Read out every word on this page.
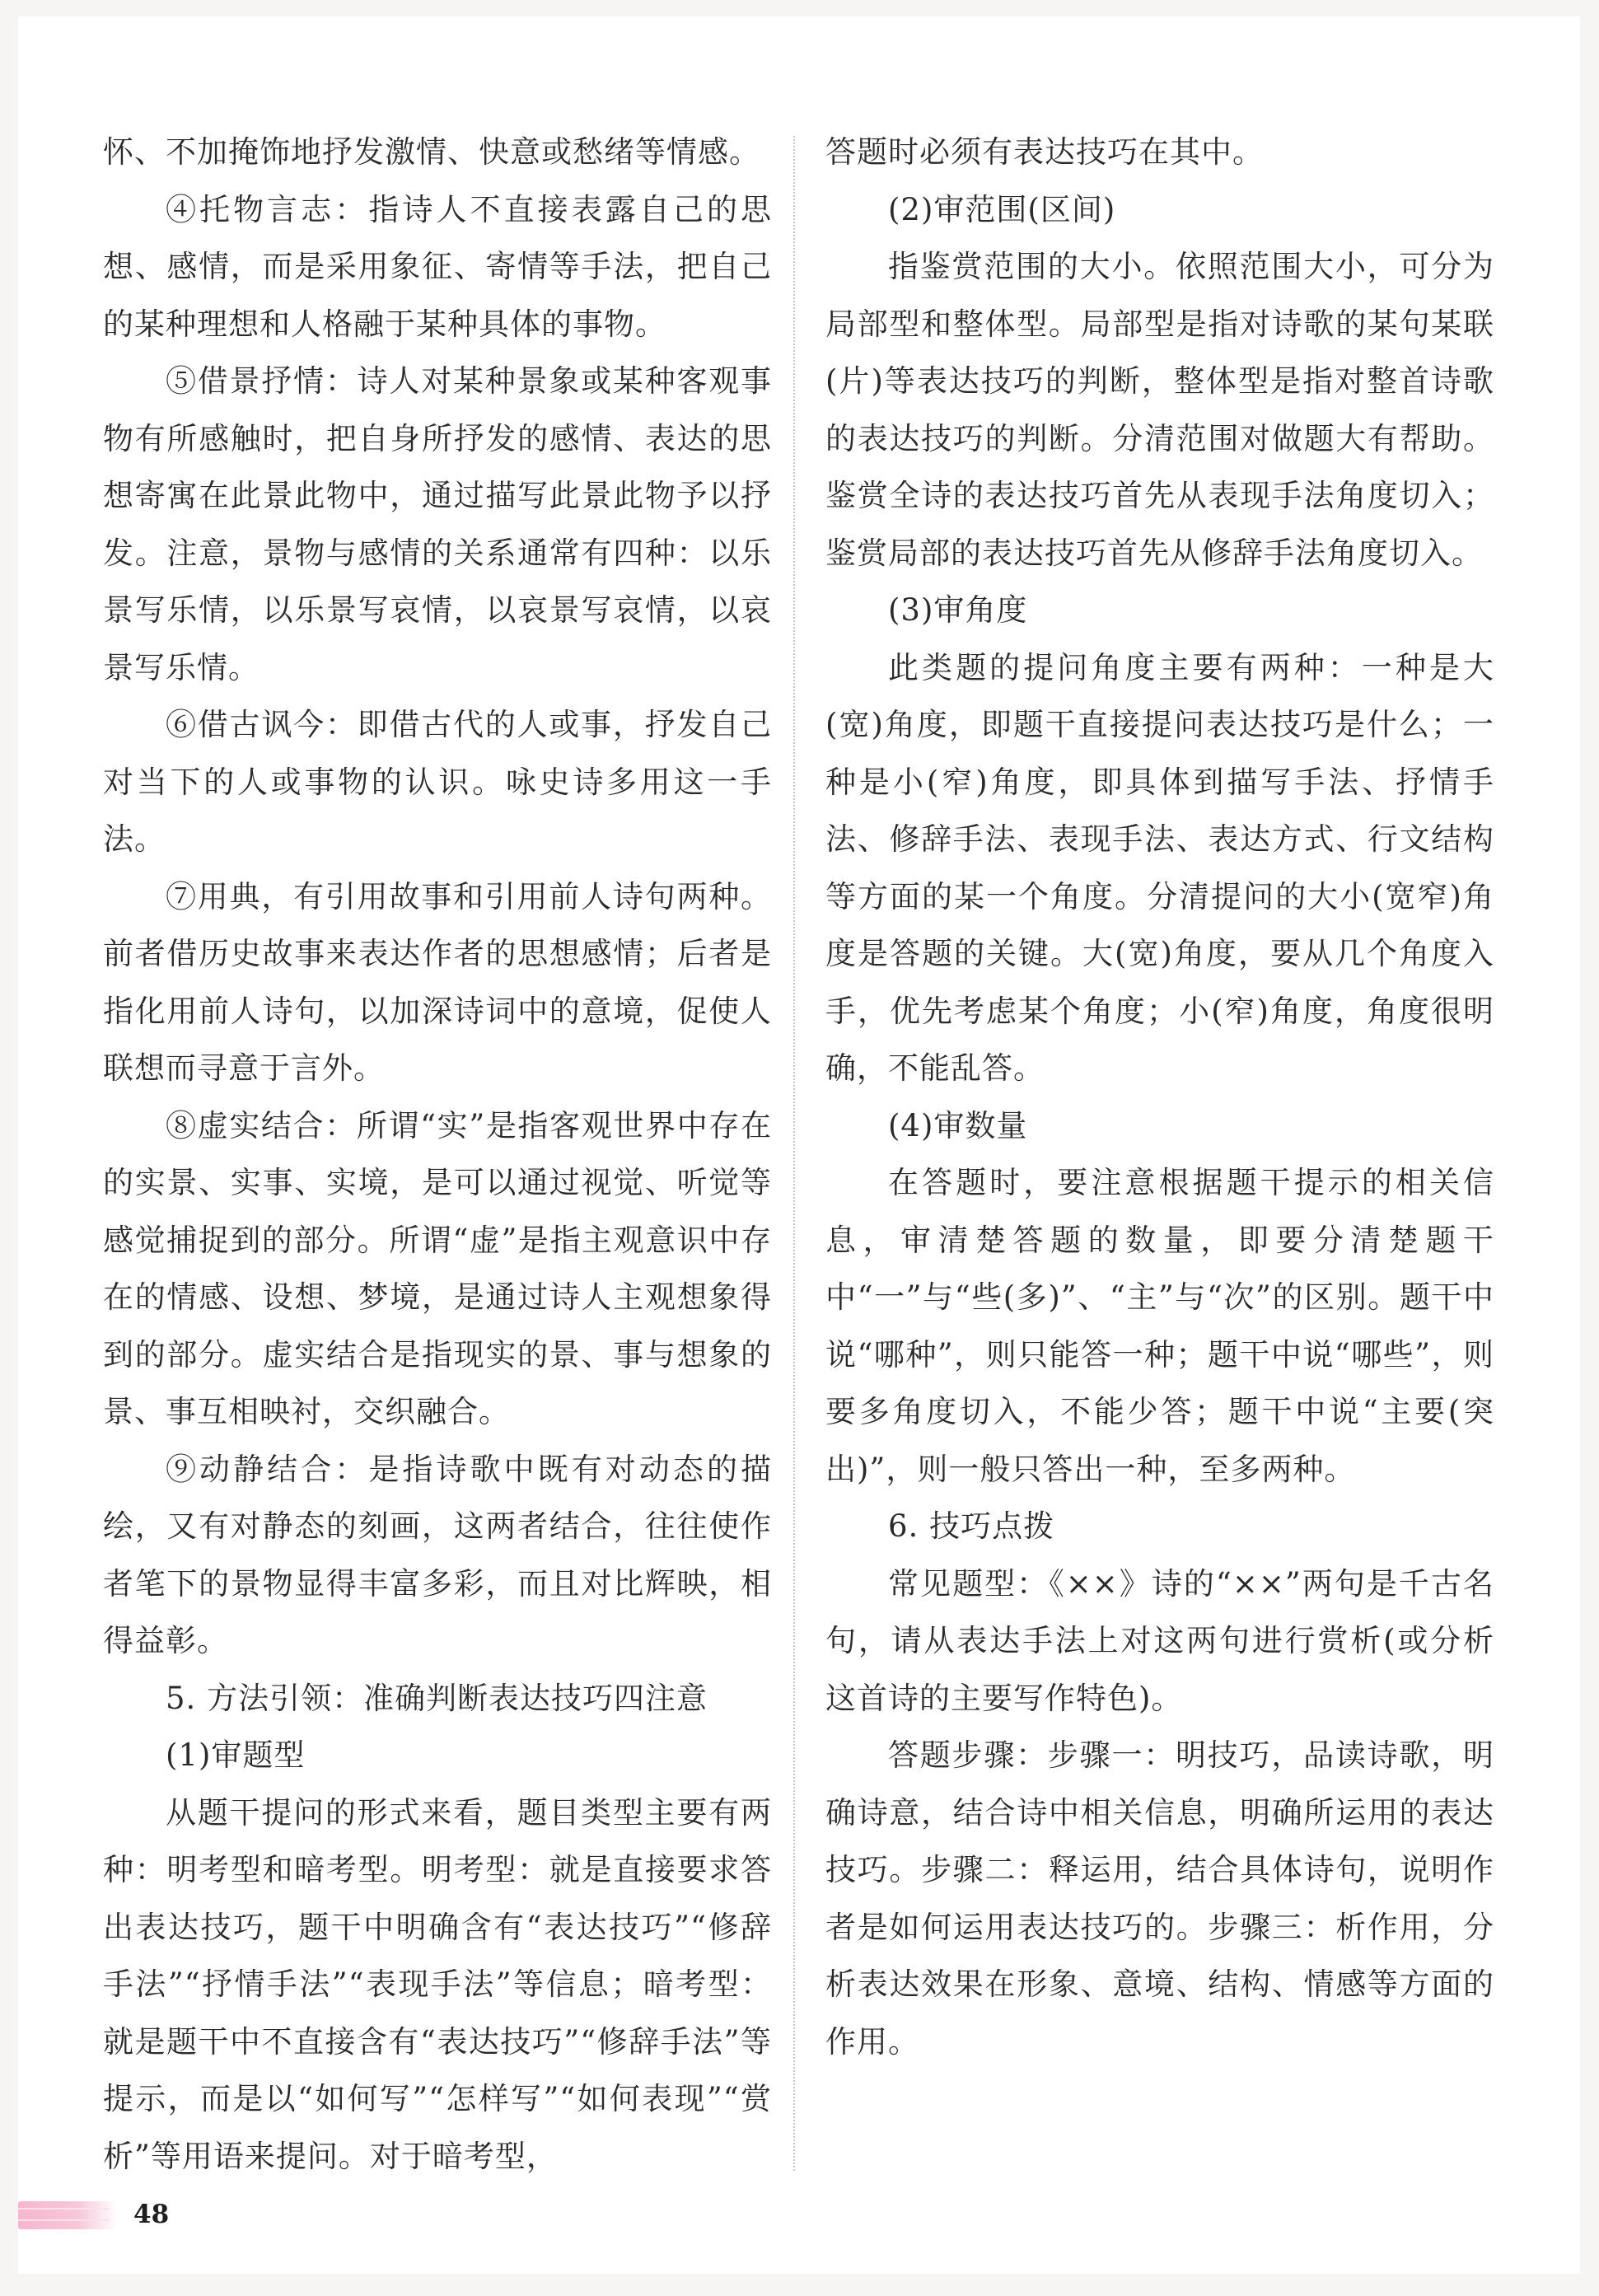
怀、不加掩饰地抒发激情、快意或愁绪等情感。

④托物言志：指诗人不直接表露自己的思想、感情，而是采用象征、寄情等手法，把自己的某种理想和人格融于某种具体的事物。

⑤借景抒情：诗人对某种景象或某种客观事物有所感触时，把自身所抒发的感情、表达的思想寄寓在此景此物中，通过描写此景此物予以抒发。注意，景物与感情的关系通常有四种：以乐景写乐情，以乐景写哀情，以哀景写哀情，以哀景写乐情。

⑥借古讽今：即借古代的人或事，抒发自己对当下的人或事物的认识。咏史诗多用这一手法。

⑦用典，有引用故事和引用前人诗句两种。前者借历史故事来表达作者的思想感情；后者是指化用前人诗句，以加深诗词中的意境，促使人联想而寻意于言外。

⑧虚实结合：所谓“实”是指客观世界中存在的实景、实事、实境，是可以通过视觉、听觉等感觉捕捉到的部分。所谓“虚”是指主观意识中存在的情感、设想、梦境，是通过诗人主观想象得到的部分。虚实结合是指现实的景、事与想象的景、事互相映衬，交织融合。

⑨动静结合：是指诗歌中既有对动态的描绘，又有对静态的刻画，这两者结合，往往使作者笔下的景物显得丰富多彩，而且对比辉映，相得益彰。

5. 方法引领：准确判断表达技巧四注意

(1)审题型

从题干提问的形式来看，题目类型主要有两种：明考型和暗考型。明考型：就是直接要求答出表达技巧，题干中明确含有“表达技巧”“修辞手法”“抒情手法”“表现手法”等信息；暗考型：就是题干中不直接含有“表达技巧”“修辞手法”等提示，而是以“如何写”“怎样写”“如何表现”“赏析”等用语来提问。对于暗考型，

答题时必须有表达技巧在其中。

(2)审范围(区间)

指鉴赏范围的大小。依照范围大小，可分为局部型和整体型。局部型是指对诗歌的某句某联(片)等表达技巧的判断，整体型是指对整首诗歌的表达技巧的判断。分清范围对做题大有帮助。鉴赏全诗的表达技巧首先从表现手法角度切入；鉴赏局部的表达技巧首先从修辞手法角度切入。

(3)审角度

此类题的提问角度主要有两种：一种是大(宽)角度，即题干直接提问表达技巧是什么；一种是小(窄)角度，即具体到描写手法、抒情手法、修辞手法、表现手法、表达方式、行文结构等方面的某一个角度。分清提问的大小(宽窄)角度是答题的关键。大(宽)角度，要从几个角度入手，优先考虑某个角度；小(窄)角度，角度很明确，不能乱答。

(4)审数量

在答题时，要注意根据题干提示的相关信息，审清楚答题的数量，即要分清楚题干中“一”与“些(多)”、“主”与“次”的区别。题干中说“哪种”，则只能答一种；题干中说“哪些”，则要多角度切入，不能少答；题干中说“主要(突出)”，则一般只答出一种，至多两种。

6. 技巧点拨

常见题型：《××》诗的“××”两句是千古名句，请从表达手法上对这两句进行赏析(或分析这首诗的主要写作特色)。

答题步骤：步骤一：明技巧，品读诗歌，明确诗意，结合诗中相关信息，明确所运用的表达技巧。步骤二：释运用，结合具体诗句，说明作者是如何运用表达技巧的。步骤三：析作用，分析表达效果在形象、意境、结构、情感等方面的作用。

48
